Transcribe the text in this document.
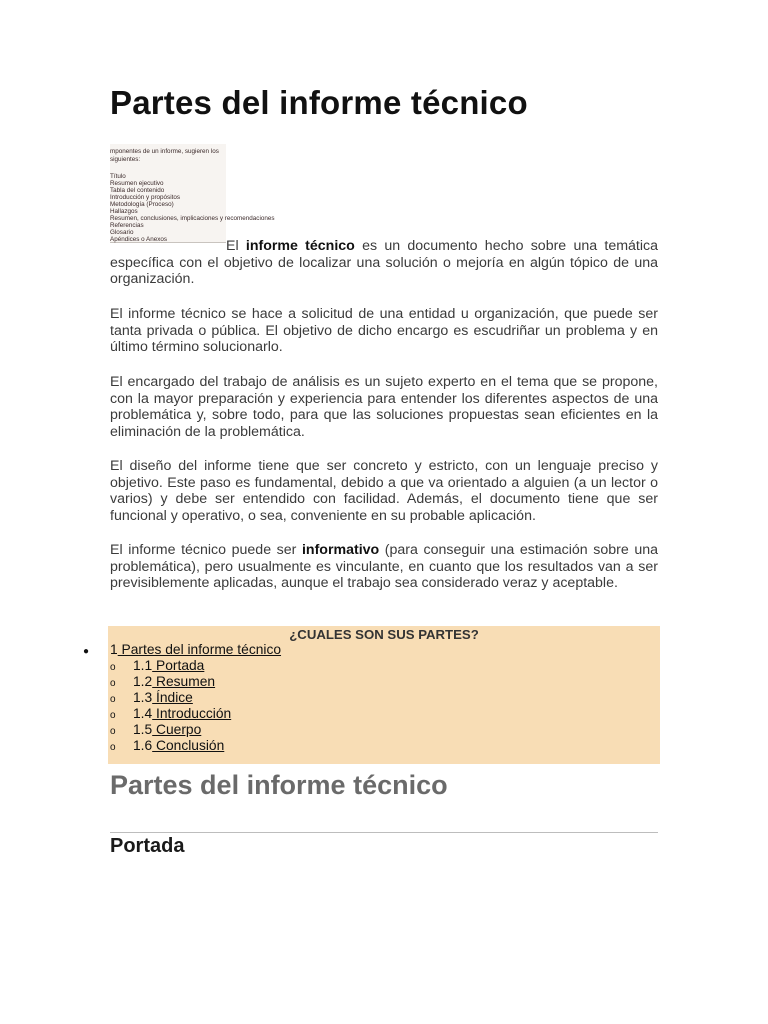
Partes del informe técnico
mponentes de un informe, sugieren los siguientes:
Título
Resumen ejecutivo
Tabla del contenido
Introducción y propósitos
Metodología (Proceso)
Hallazgos
Resumen, conclusiones, implicaciones y recomendaciones
Referencias
Glosario
Apéndices o Anexos	El informe técnico es un documento hecho sobre una temática específica con el objetivo de localizar una solución o mejoría en algún tópico de una organización.

El informe técnico se hace a solicitud de una entidad u organización, que puede ser tanta privada o pública. El objetivo de dicho encargo es escudriñar un problema y en último término solucionarlo.

El encargado del trabajo de análisis es un sujeto experto en el tema que se propone, con la mayor preparación y experiencia para entender los diferentes aspectos de una problemática y, sobre todo, para que las soluciones propuestas sean eficientes en la eliminación de la problemática.

El diseño del informe tiene que ser concreto y estricto, con un lenguaje preciso y objetivo. Este paso es fundamental, debido a que va orientado a alguien (a un lector o varios) y debe ser entendido con facilidad. Además, el documento tiene que ser funcional y operativo, o sea, conveniente en su probable aplicación.

El informe técnico puede ser informativo (para conseguir una estimación sobre una problemática), pero usualmente es vinculante, en cuanto que los resultados van a ser previsiblemente aplicadas, aunque el trabajo sea considerado veraz y aceptable.

¿CUALES SON SUS PARTES?
● 1 Partes del informe técnico
o 1.1 Portada
o 1.2 Resumen
o 1.3 Índice
o 1.4 Introducción
o 1.5 Cuerpo
o 1.6 Conclusión
Partes del informe técnico
Portada
